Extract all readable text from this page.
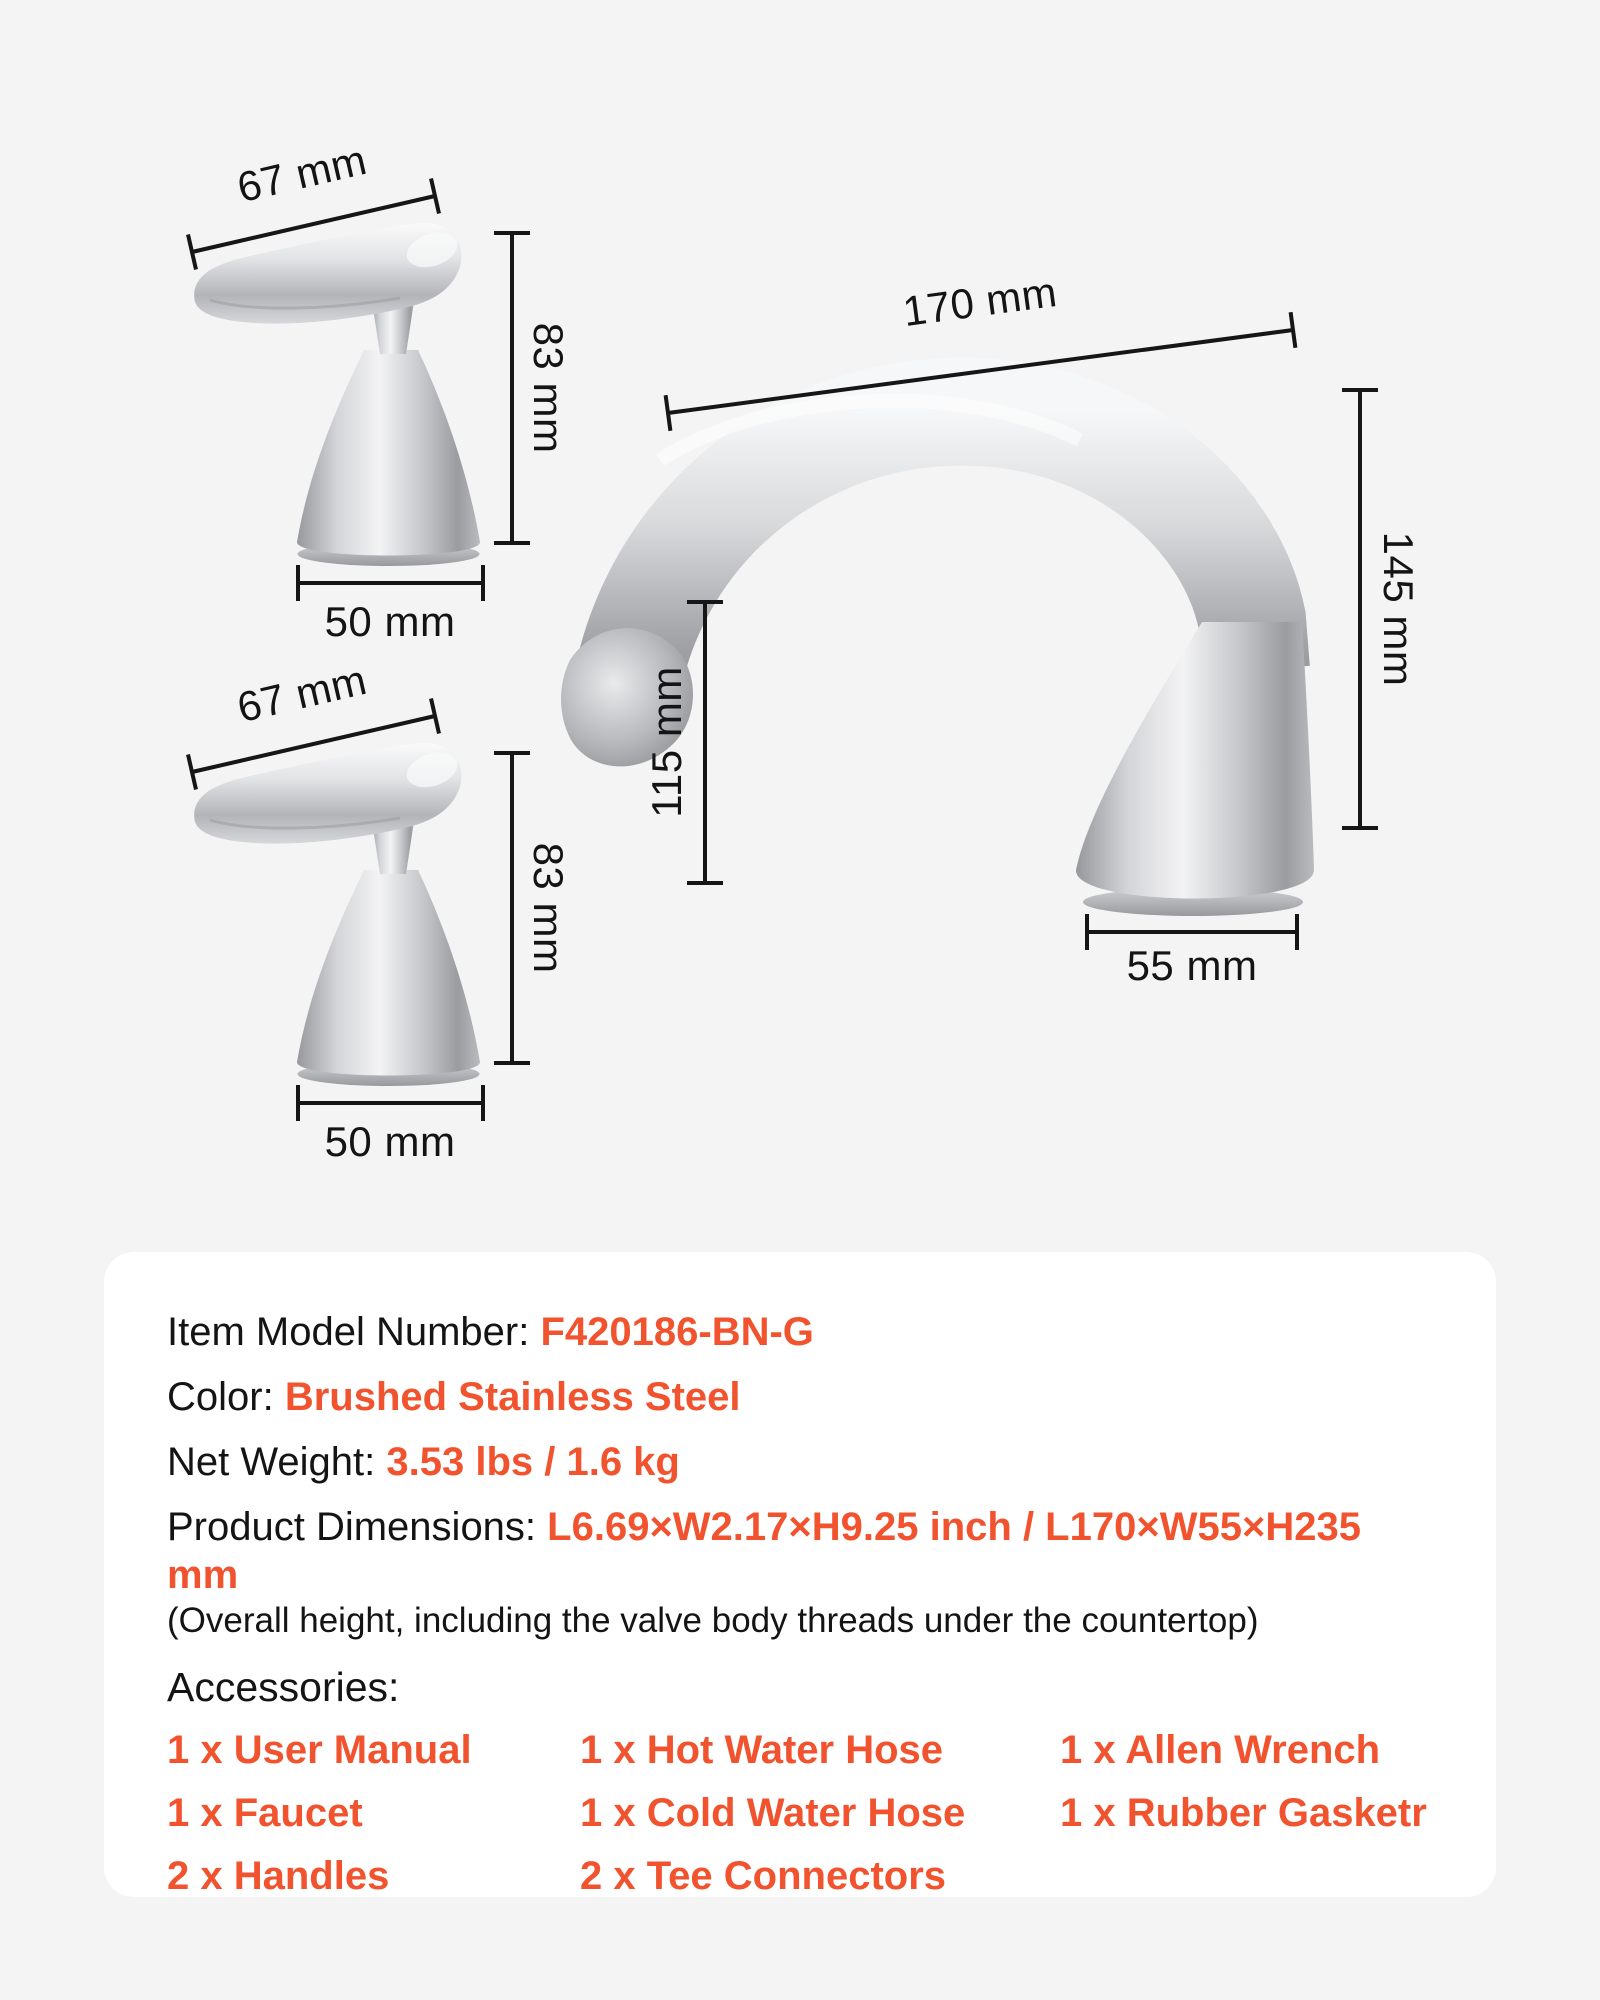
67 mm
83 mm
50 mm
67 mm
83 mm
50 mm
170 mm
115 mm
145 mm
55 mm

Item Model Number: F420186-BN-G

Color: Brushed Stainless Steel

Net Weight: 3.53 lbs / 1.6 kg

Product Dimensions: L6.69×W2.17×H9.25 inch / L170×W55×H235 mm

(Overall height, including the valve body threads under the countertop)

Accessories:
1 x User Manual	1 x Hot Water Hose	1 x Allen Wrench
1 x Faucet	1 x Cold Water Hose	1 x Rubber Gasketr
2 x Handles	2 x Tee Connectors
